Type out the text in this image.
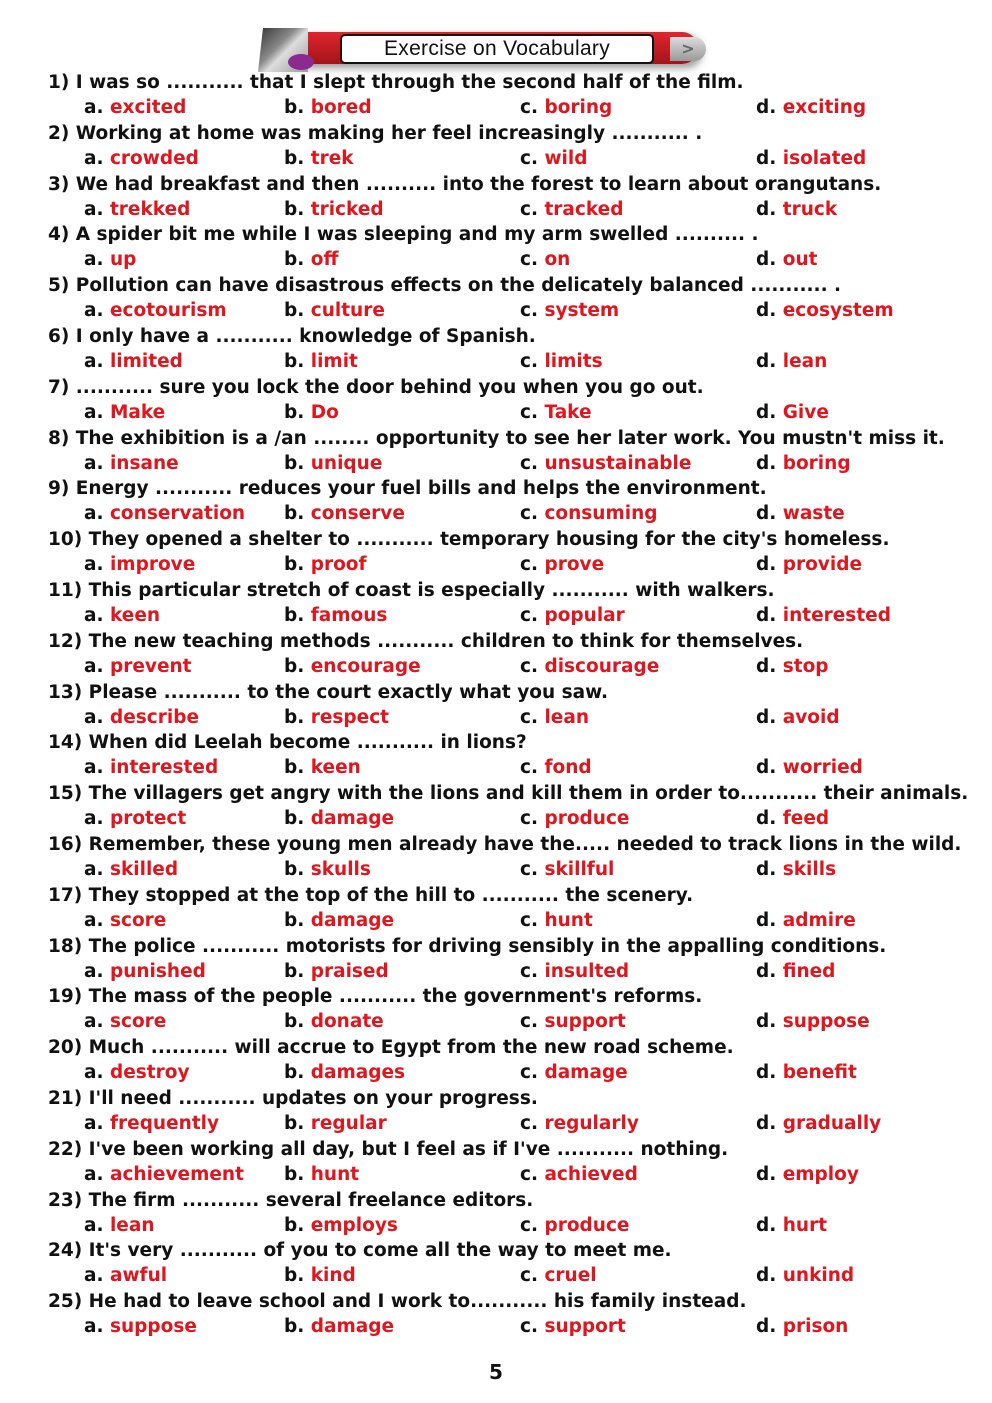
Exercise on Vocabulary	>
1) I was so ........... that I slept through the second half of the film.
a. excited	b. bored	c. boring	d. exciting
2) Working at home was making her feel increasingly ........... .
a. crowded	b. trek	c. wild	d. isolated
3) We had breakfast and then .......... into the forest to learn about orangutans.
a. trekked	b. tricked	c. tracked	d. truck
4) A spider bit me while I was sleeping and my arm swelled .......... .
a. up	b. off	c. on	d. out
5) Pollution can have disastrous effects on the delicately balanced ........... .
a. ecotourism	b. culture	c. system	d. ecosystem
6) I only have a ........... knowledge of Spanish.
a. limited	b. limit	c. limits	d. lean
7) ........... sure you lock the door behind you when you go out.
a. Make	b. Do	c. Take	d. Give
8) The exhibition is a /an ........ opportunity to see her later work. You mustn't miss it.
a. insane	b. unique	c. unsustainable	d. boring
9) Energy ........... reduces your fuel bills and helps the environment.
a. conservation b. conserve	c. consuming	d. waste
10) They opened a shelter to ........... temporary housing for the city's homeless.
a. improve	b. proof	c. prove	d. provide
11) This particular stretch of coast is especially ........... with walkers.
a. keen	b. famous	c. popular	d. interested
12) The new teaching methods ........... children to think for themselves.
a. prevent	b. encourage	c. discourage	d. stop
13) Please ........... to the court exactly what you saw.
a. describe	b. respect	c. lean	d. avoid
14) When did Leelah become ........... in lions?
a. interested	b. keen	c. fond	d. worried
15) The villagers get angry with the lions and kill them in order to........... their animals.
a. protect	b. damage	c. produce	d. feed
16) Remember, these young men already have the..... needed to track lions in the wild.
a. skilled	b. skulls	c. skillful	d. skills
17) They stopped at the top of the hill to ........... the scenery.
a. score	b. damage	c. hunt	d. admire
18) The police ........... motorists for driving sensibly in the appalling conditions.
a. punished	b. praised	c. insulted	d. fined
19) The mass of the people ........... the government's reforms.
a. score	b. donate	c. support	d. suppose
20) Much ........... will accrue to Egypt from the new road scheme.
a. destroy	b. damages	c. damage	d. benefit
21) I'll need ........... updates on your progress.
a. frequently	b. regular	c. regularly	d. gradually
22) I've been working all day, but I feel as if I've ........... nothing.
a. achievement b. hunt	c. achieved	d. employ
23) The firm ........... several freelance editors.
a. lean	b. employs	c. produce	d. hurt
24) It's very ........... of you to come all the way to meet me.
a. awful	b. kind	c. cruel	d. unkind
25) He had to leave school and I work to........... his family instead.
a. suppose	b. damage	c. support	d. prison
5
